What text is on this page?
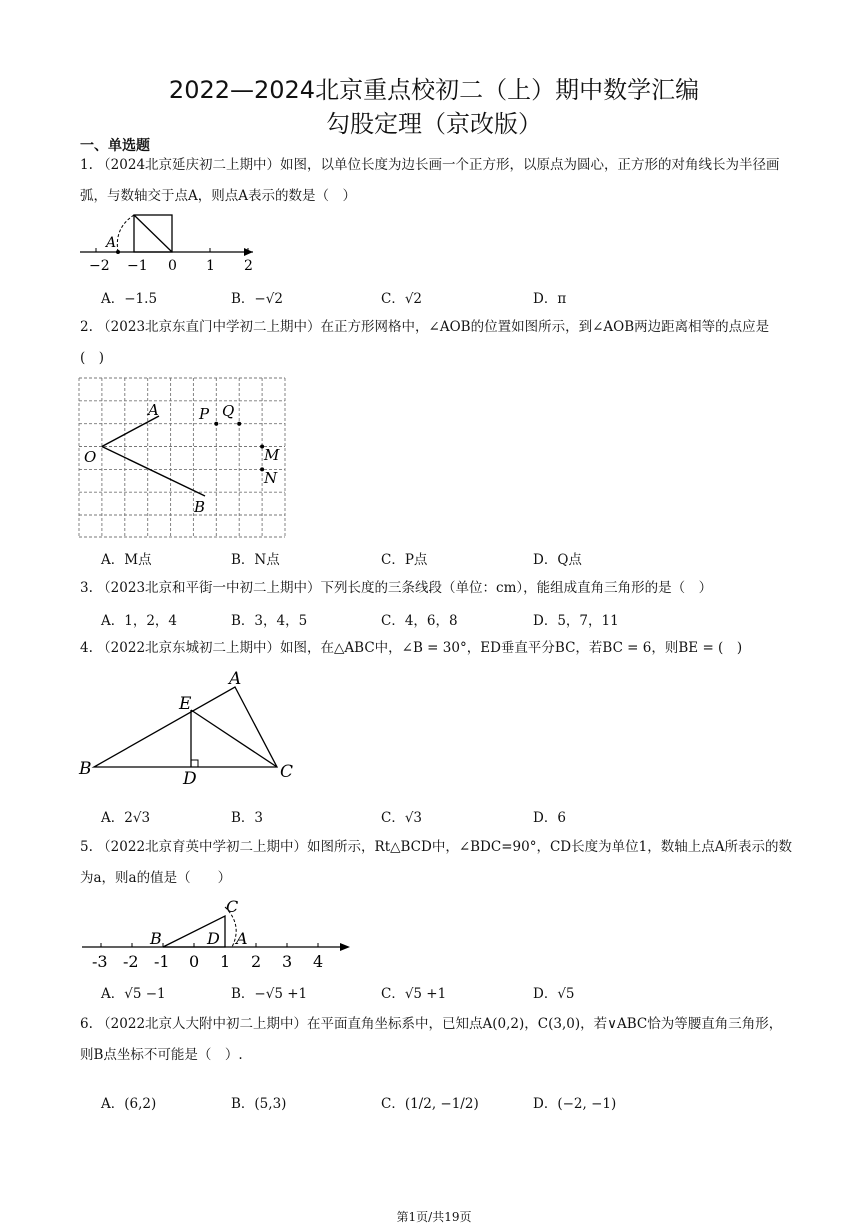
2022—2024北京重点校初二（上）期中数学汇编
勾股定理（京改版）
一、单选题
1. （2024北京延庆初二上期中）如图，以单位长度为边长画一个正方形，以原点为圆心，正方形的对角线长为半径画弧，与数轴交于点A，则点A表示的数是（　）
A
−2 −1 0 1 2
A．−1.5	B．−√2	C．√2	D．π
2. （2023北京东直门中学初二上期中）在正方形网格中，∠AOB的位置如图所示，到∠AOB两边距离相等的点应是(　)
A
O
B
P Q
M
N
A．M点	B．N点	C．P点	D．Q点
3. （2023北京和平街一中初二上期中）下列长度的三条线段（单位：cm），能组成直角三角形的是（　）
A．1，2，4	B．3，4，5	C．4，6，8	D．5，7，11
4. （2022北京东城初二上期中）如图，在△ABC中，∠B = 30°，ED垂直平分BC，若BC = 6，则BE = (　)
A
B	C
D
E
A．2√3	B．3	C．√3	D．6
5. （2022北京育英中学初二上期中）如图所示，Rt△BCD中，∠BDC=90°，CD长度为单位1，数轴上点A所表示的数为a，则a的值是（　　）
C
B	D A
-3 -2 -1 0 1 2 3 4
A．√5 −1	B．−√5 +1	C．√5 +1	D．√5
6. （2022北京人大附中初二上期中）在平面直角坐标系中，已知点A(0,2)，C(3,0)，若∨ABC恰为等腰直角三角形，则B点坐标不可能是（　）.
A．(6,2)	B．(5,3)	C．(1/2, −1/2)	D．(−2, −1)
第1页/共19页
